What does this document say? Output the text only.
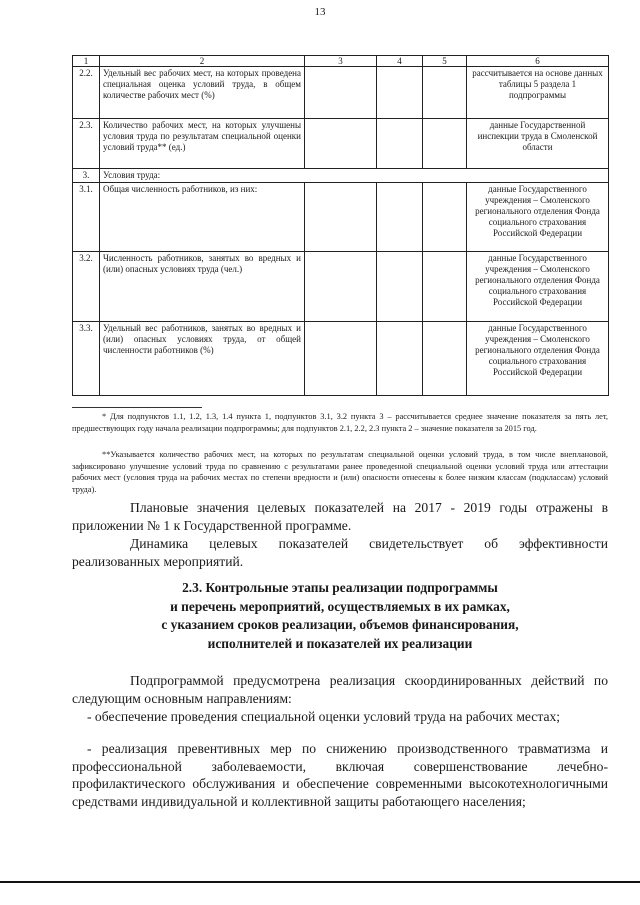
13
1	2	3	4	5	6
2.2.	Удельный вес рабочих мест, на которых проведена специальная оценка условий труда, в общем количестве рабочих мест (%)				рассчитывается на основе данных таблицы 5 раздела 1 подпрограммы
2.3.	Количество рабочих мест, на которых улучшены условия труда по результатам специальной оценки условий труда** (ед.)				данные Государственной инспекции труда в Смоленской области
3.	Условия труда:				
3.1.	Общая численность работников, из них:				данные Государственного учреждения – Смоленского регионального отделения Фонда социального страхования Российской Федерации
3.2.	Численность работников, занятых во вредных и (или) опасных условиях труда (чел.)				данные Государственного учреждения – Смоленского регионального отделения Фонда социального страхования Российской Федерации
3.3.	Удельный вес работников, занятых во вредных и (или) опасных условиях труда, от общей численности работников (%)				данные Государственного учреждения – Смоленского регионального отделения Фонда социального страхования Российской Федерации
* Для подпунктов 1.1, 1.2, 1.3, 1.4 пункта 1, подпунктов 3.1, 3.2 пункта 3 – рассчитывается среднее значение показателя за пять лет, предшествующих году начала реализации подпрограммы; для подпунктов 2.1, 2.2, 2.3 пункта 2 – значение показателя за 2015 год.
**Указывается количество рабочих мест, на которых по результатам специальной оценки условий труда, в том числе внеплановой, зафиксировано улучшение условий труда по сравнению с результатами ранее проведенной специальной оценки условий труда или аттестации рабочих мест (условия труда на рабочих местах по степени вредности и (или) опасности отнесены к более низким классам (подклассам) условий труда).
Плановые значения целевых показателей на 2017 - 2019 годы отражены в приложении № 1 к Государственной программе.
Динамика целевых показателей свидетельствует об эффективности реализованных мероприятий.
2.3. Контрольные этапы реализации подпрограммы
и перечень мероприятий, осуществляемых в их рамках,
с указанием сроков реализации, объемов финансирования,
исполнителей и показателей их реализации
Подпрограммой предусмотрена реализация скоординированных действий по следующим основным направлениям:
- обеспечение проведения специальной оценки условий труда на рабочих местах;
- реализация превентивных мер по снижению производственного травматизма и профессиональной заболеваемости, включая совершенствование лечебно-профилактического обслуживания и обеспечение современными высокотехнологичными средствами индивидуальной и коллективной защиты работающего населения;
